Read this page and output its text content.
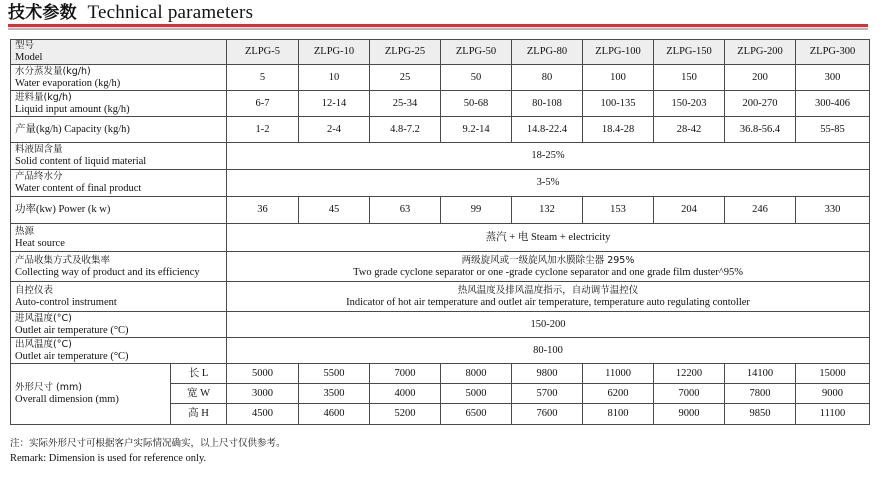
技术参数 Technical parameters
型号
Model		ZLPG-5	ZLPG-10	ZLPG-25	ZLPG-50	ZLPG-80	ZLPG-100	ZLPG-150	ZLPG-200	ZLPG-300

水分蒸发量(kg/h)
Water evaporation (kg/h)		5	10	25	50	80	100	150	200	300

进料量(kg/h)
Liquid input amount (kg/h)		6-7	12-14	25-34	50-68	80-108	100-135	150-203	200-270	300-406
产量(kg/h) Capacity (kg/h)		1-2	2-4	4.8-7.2	9.2-14	14.8-22.4	18.4-28	28-42	36.8-56.4	55-85

料液固含量
Solid content of liquid material		18-25%								

产品终水分
Water content of final product		3-5%								
功率(kw) Power (k w)		36	45	63	99	132	153	204	246	330

热源
Heat source		蒸汽 + 电 Steam + electricity								

产品收集方式及收集率
Collecting way of product and its efficiency		两级旋风或一级旋风加水膜除尘器 295%
Two grade cyclone separator or one -grade cyclone separator and one grade film duster^95%								

自控仪表
Auto-control instrument		热风温度及排风温度指示，自动调节温控仪
Indicator of hot air temperature and outlet air temperature, temperature auto regulating contoller								

进风温度(°C)
Outlet air temperature (°C)		150-200								

出风温度(°C)
Outlet air temperature (°C)		80-100								

外形尺寸 (mm)
Overall dimension (mm)	长 L	5000	5500	7000	8000	9800	11000	12200	14100	15000
	宽 W	3000	3500	4000	5000	5700	6200	7000	7800	9000
	高 H	4500	4600	5200	6500	7600	8100	9000	9850	11100
注：实际外形尺寸可根据客户实际情况确实，以上尺寸仅供参考。
Remark: Dimension is used for reference only.
